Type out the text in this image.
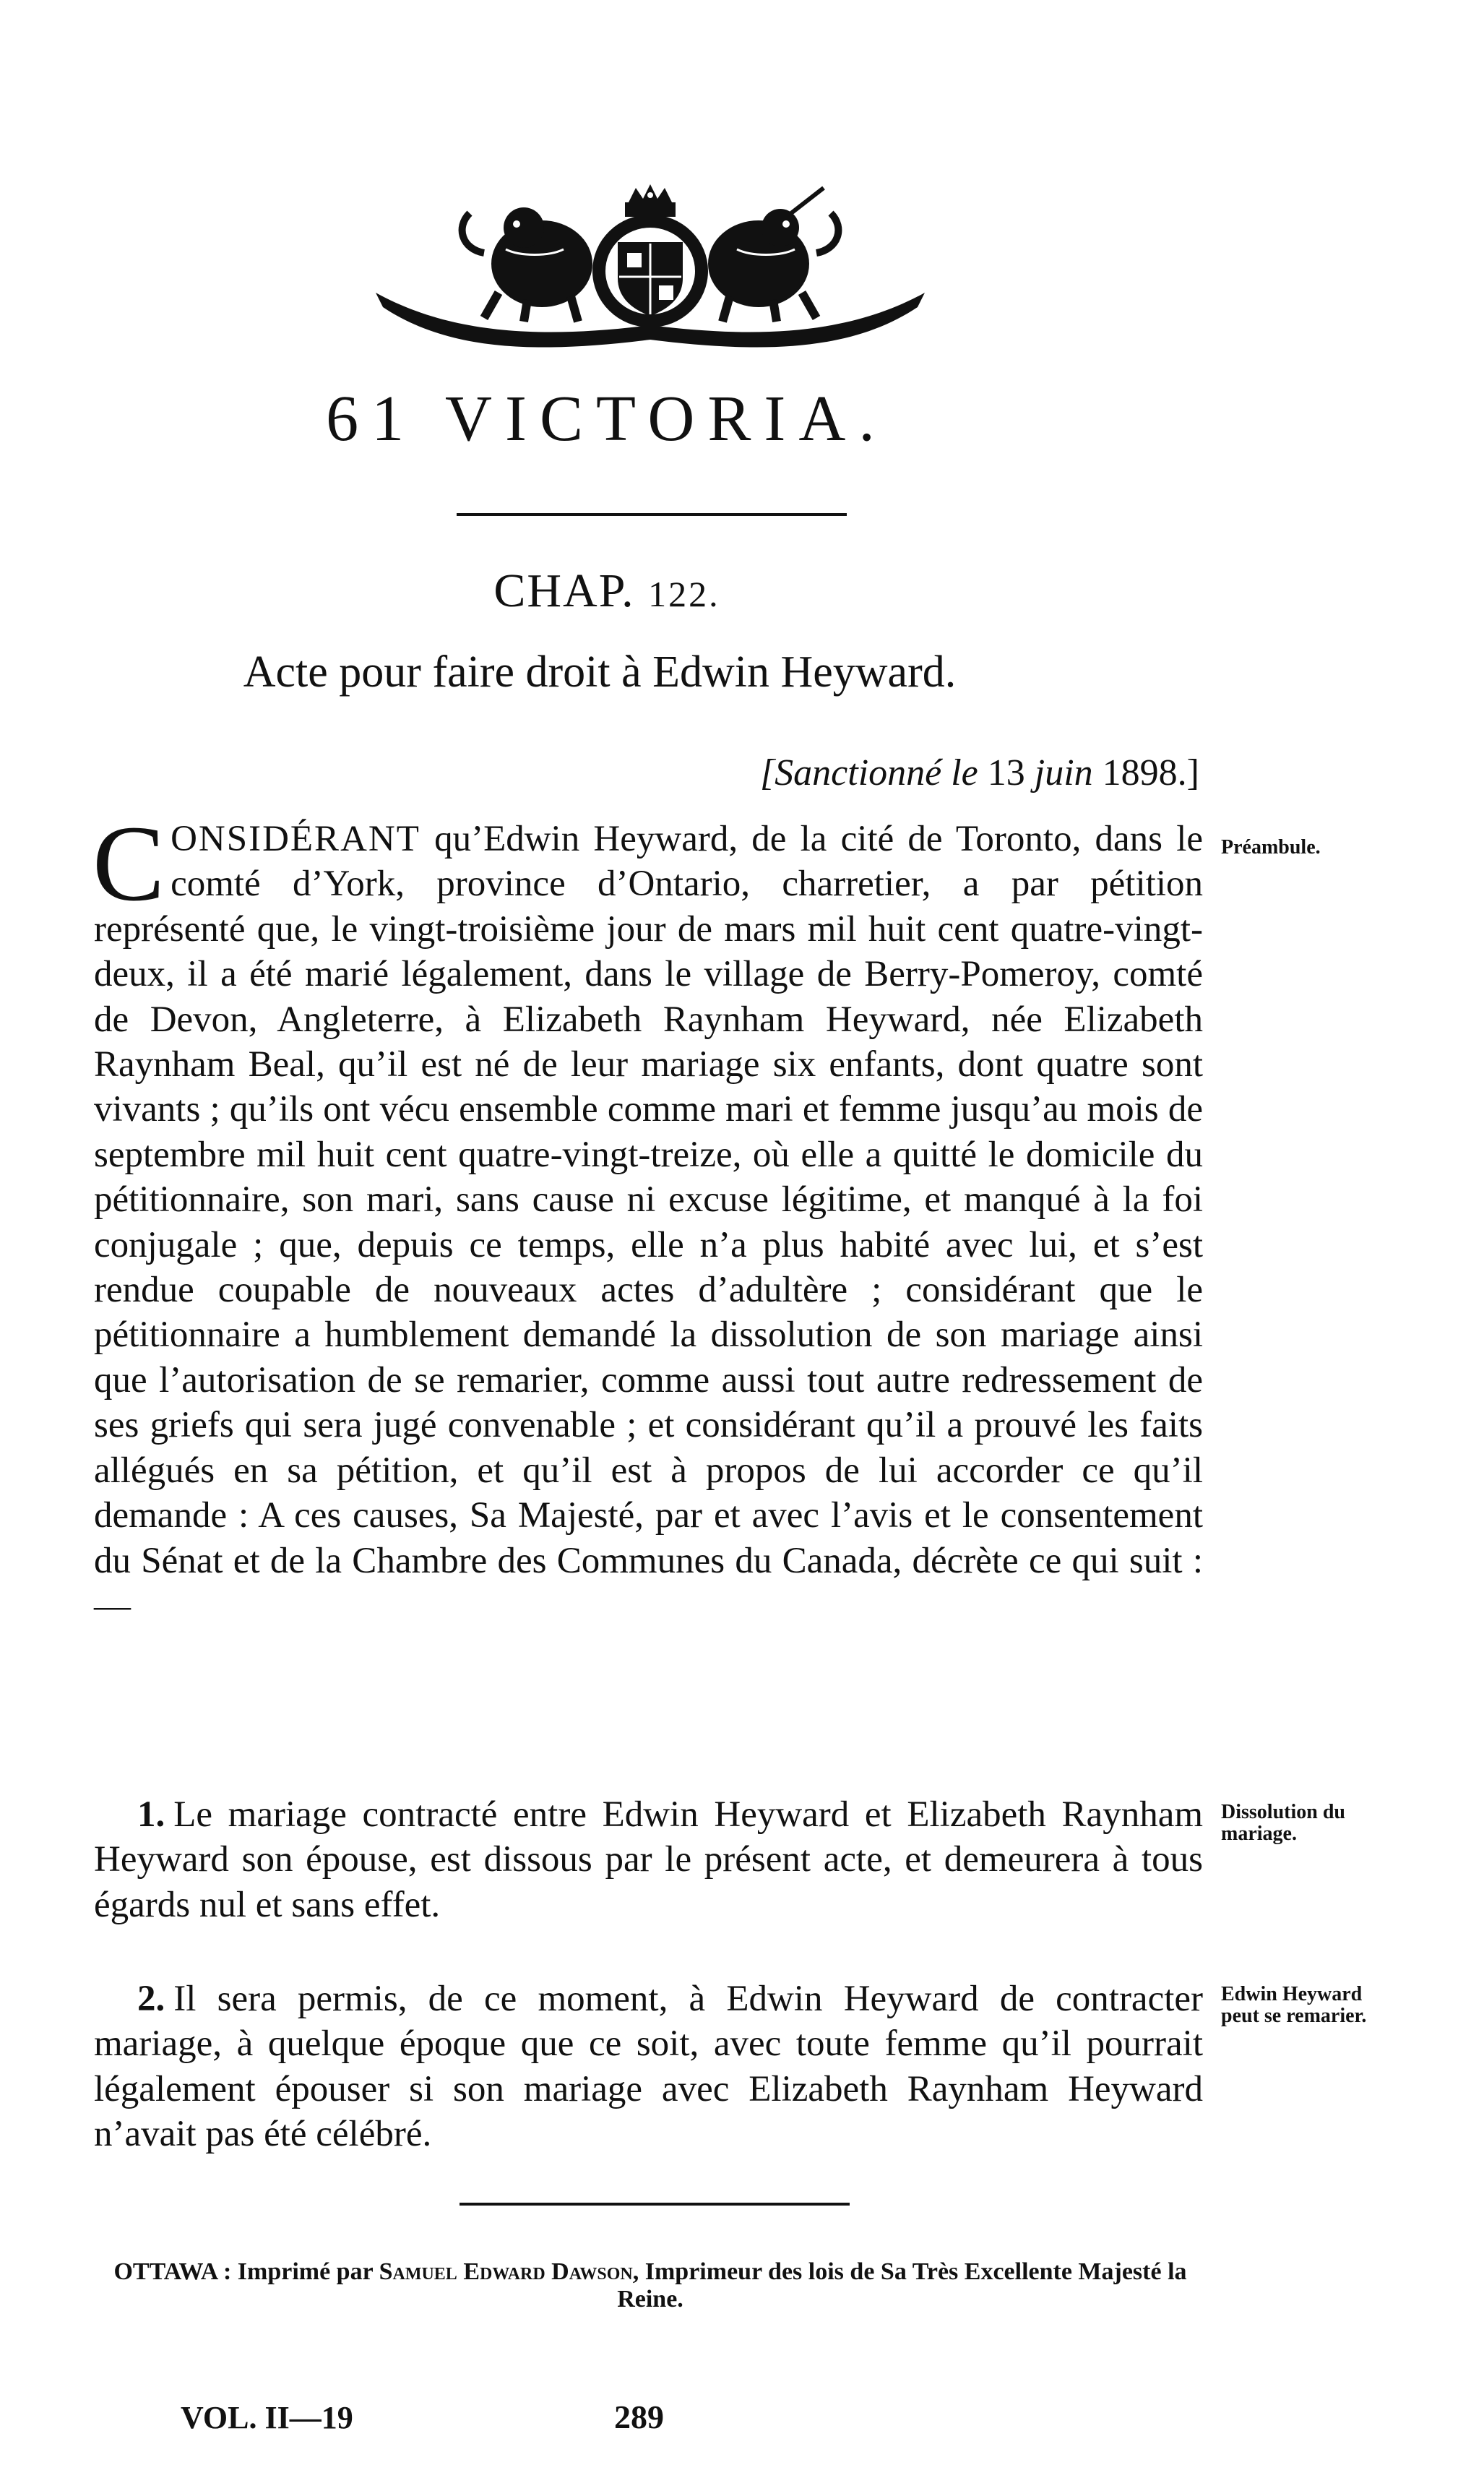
61 VICTORIA.
CHAP. 122.
Acte pour faire droit à Edwin Heyward.
[Sanctionné le 13 juin 1898.]
CONSIDÉRANT qu’Edwin Heyward, de la cité de Toronto, dans le comté d’York, province d’Ontario, charretier, a par pétition représenté que, le vingt-troisième jour de mars mil huit cent quatre-vingt-deux, il a été marié légalement, dans le village de Berry-Pomeroy, comté de Devon, Angleterre, à Elizabeth Raynham Heyward, née Elizabeth Raynham Beal, qu’il est né de leur mariage six enfants, dont quatre sont vivants ; qu’ils ont vécu ensemble comme mari et femme jusqu’au mois de septembre mil huit cent quatre-vingt-treize, où elle a quitté le domicile du pétitionnaire, son mari, sans cause ni excuse légitime, et manqué à la foi conjugale ; que, depuis ce temps, elle n’a plus habité avec lui, et s’est rendue coupable de nouveaux actes d’adultère ; considérant que le pétitionnaire a humblement demandé la dissolution de son mariage ainsi que l’autorisation de se remarier, comme aussi tout autre redressement de ses griefs qui sera jugé convenable ; et considérant qu’il a prouvé les faits allégués en sa pétition, et qu’il est à propos de lui accorder ce qu’il demande : A ces causes, Sa Majesté, par et avec l’avis et le consentement du Sénat et de la Chambre des Communes du Canada, décrète ce qui suit :—
Préambule.
1. Le mariage contracté entre Edwin Heyward et Elizabeth Raynham Heyward son épouse, est dissous par le présent acte, et demeurera à tous égards nul et sans effet.
Dissolution du mariage.
2. Il sera permis, de ce moment, à Edwin Heyward de contracter mariage, à quelque époque que ce soit, avec toute femme qu’il pourrait légalement épouser si son mariage avec Elizabeth Raynham Heyward n’avait pas été célébré.
Edwin Heyward peut se remarier.
OTTAWA : Imprimé par Samuel Edward Dawson, Imprimeur des lois de Sa Très Excellente Majesté la Reine.
VOL. II—19	289
